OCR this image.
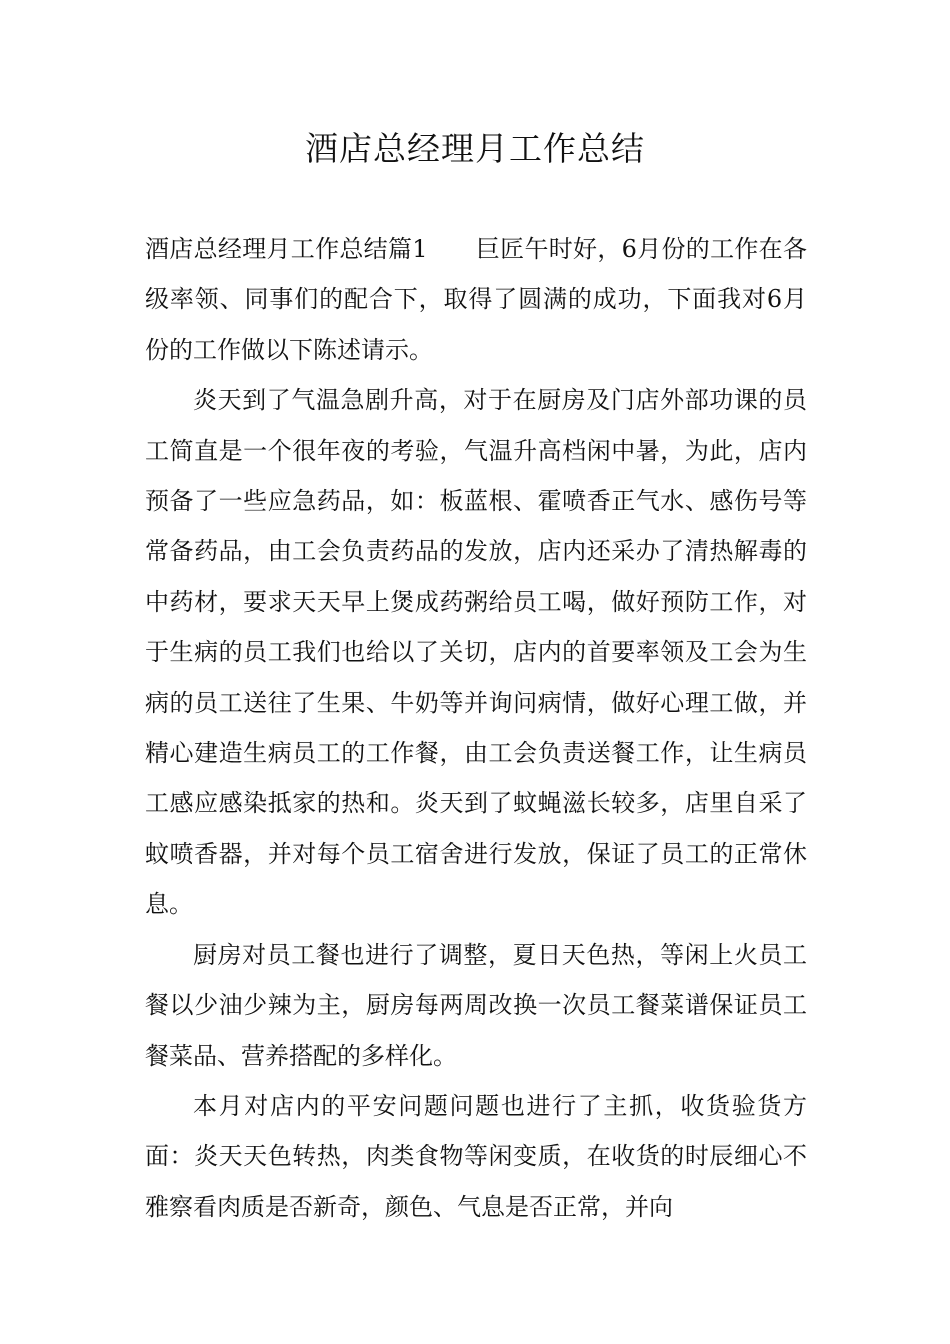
酒店总经理月工作总结

酒店总经理月工作总结篇1 巨匠午时好，6月份的工作在各级率领、同事们的配合下，取得了圆满的成功，下面我对6月份的工作做以下陈述请示。

炎天到了气温急剧升高，对于在厨房及门店外部功课的员工简直是一个很年夜的考验，气温升高档闲中暑，为此，店内预备了一些应急药品，如：板蓝根、霍喷香正气水、感伤号等常备药品，由工会负责药品的发放，店内还采办了清热解毒的中药材，要求天天早上煲成药粥给员工喝，做好预防工作，对于生病的员工我们也给以了关切，店内的首要率领及工会为生病的员工送往了生果、牛奶等并询问病情，做好心理工做，并精心建造生病员工的工作餐，由工会负责送餐工作，让生病员工感应感染抵家的热和。炎天到了蚊蝇滋长较多，店里自采了蚊喷香器，并对每个员工宿舍进行发放，保证了员工的正常休息。

厨房对员工餐也进行了调整，夏日天色热，等闲上火员工餐以少油少辣为主，厨房每两周改换一次员工餐菜谱保证员工餐菜品、营养搭配的多样化。

本月对店内的平安问题问题也进行了主抓，收货验货方面：炎天天色转热，肉类食物等闲变质，在收货的时辰细心不雅察看肉质是否新奇，颜色、气息是否正常，并向
